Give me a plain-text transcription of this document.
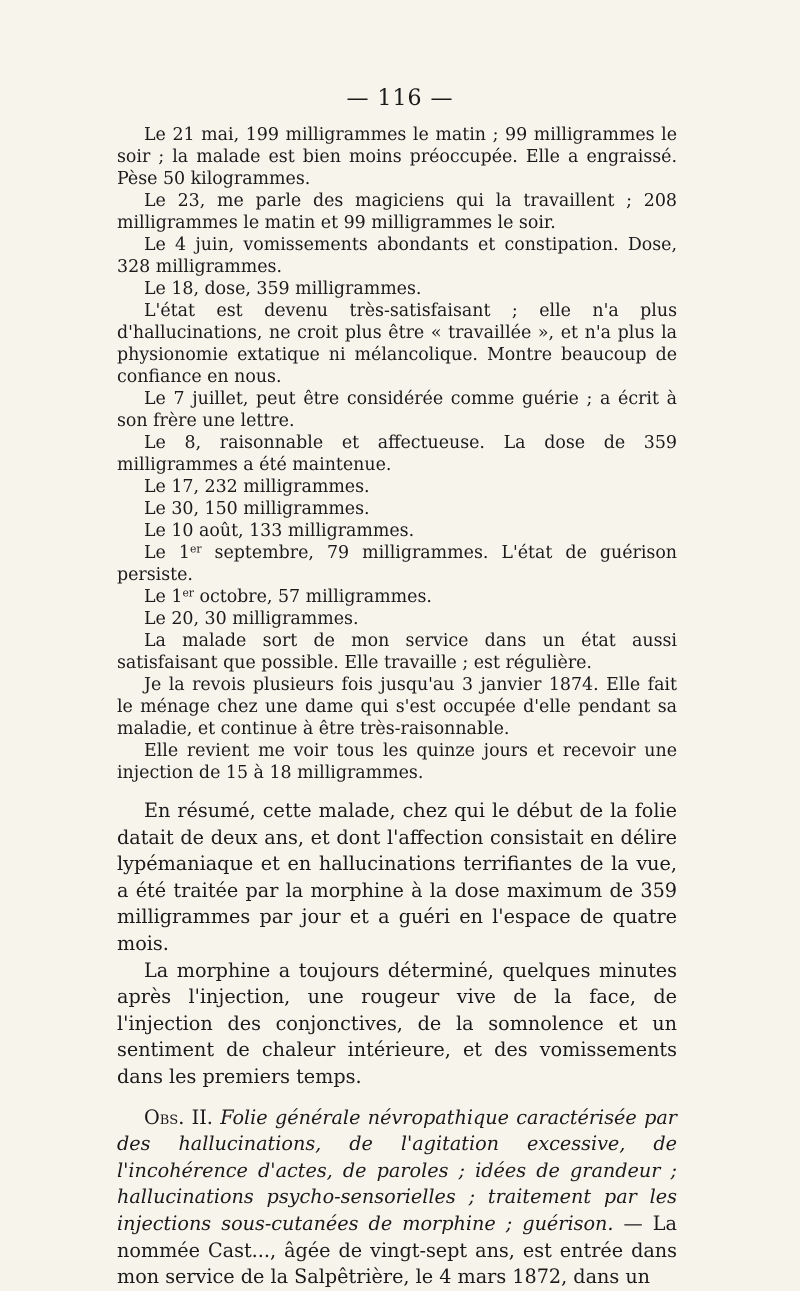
— 116 —

Le 21 mai, 199 milligrammes le matin ; 99 milligrammes le soir ; la malade est bien moins préoccupée. Elle a engraissé. Pèse 50 kilogrammes.

Le 23, me parle des magiciens qui la travaillent ; 208 milligrammes le matin et 99 milligrammes le soir.

Le 4 juin, vomissements abondants et constipation. Dose, 328 milligrammes.

Le 18, dose, 359 milligrammes.

L'état est devenu très-satisfaisant ; elle n'a plus d'hallucinations, ne croit plus être « travaillée », et n'a plus la physionomie extatique ni mélancolique. Montre beaucoup de confiance en nous.

Le 7 juillet, peut être considérée comme guérie ; a écrit à son frère une lettre.

Le 8, raisonnable et affectueuse. La dose de 359 milligrammes a été maintenue.

Le 17, 232 milligrammes.

Le 30, 150 milligrammes.

Le 10 août, 133 milligrammes.

Le 1er septembre, 79 milligrammes. L'état de guérison persiste.

Le 1er octobre, 57 milligrammes.

Le 20, 30 milligrammes.

La malade sort de mon service dans un état aussi satisfaisant que possible. Elle travaille ; est régulière.

Je la revois plusieurs fois jusqu'au 3 janvier 1874. Elle fait le ménage chez une dame qui s'est occupée d'elle pendant sa maladie, et continue à être très-raisonnable.

Elle revient me voir tous les quinze jours et recevoir une injection de 15 à 18 milligrammes.

En résumé, cette malade, chez qui le début de la folie datait de deux ans, et dont l'affection consistait en délire lypémaniaque et en hallucinations terrifiantes de la vue, a été traitée par la morphine à la dose maximum de 359 milligrammes par jour et a guéri en l'espace de quatre mois.

La morphine a toujours déterminé, quelques minutes après l'injection, une rougeur vive de la face, de l'injection des conjonctives, de la somnolence et un sentiment de chaleur intérieure, et des vomissements dans les premiers temps.

Obs. II. Folie générale névropathique caractérisée par des hallucinations, de l'agitation excessive, de l'incohérence d'actes, de paroles ; idées de grandeur ; hallucinations psycho-sensorielles ; traitement par les injections sous-cutanées de morphine ; guérison. — La nommée Cast..., âgée de vingt-sept ans, est entrée dans mon service de la Salpêtrière, le 4 mars 1872, dans un
